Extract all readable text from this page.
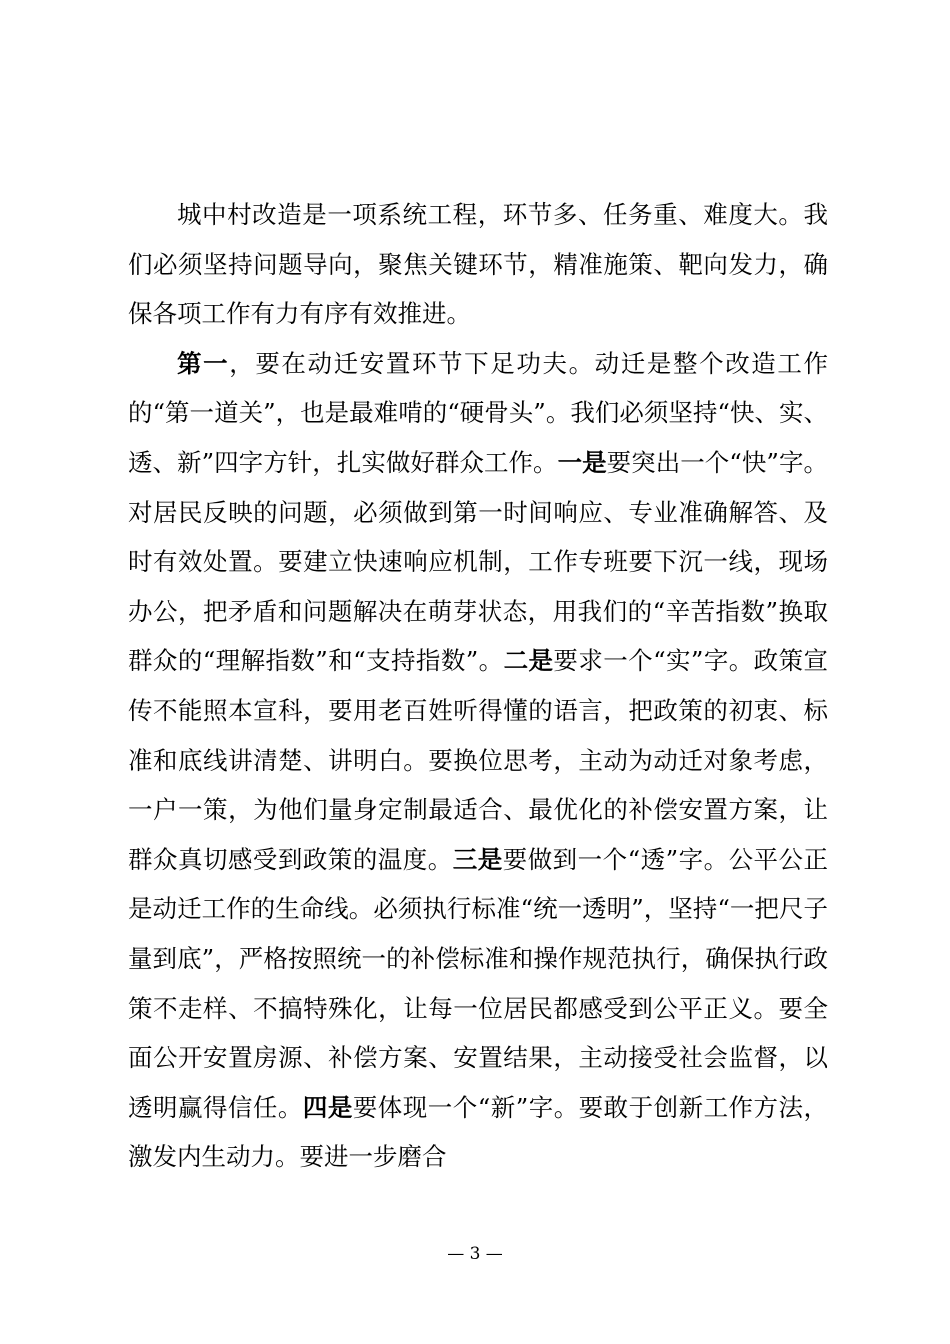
城中村改造是一项系统工程，环节多、任务重、难度大。我们必须坚持问题导向，聚焦关键环节，精准施策、靶向发力，确保各项工作有力有序有效推进。

第一，要在动迁安置环节下足功夫。动迁是整个改造工作的“第一道关”，也是最难啃的“硬骨头”。我们必须坚持“快、实、透、新”四字方针，扎实做好群众工作。一是要突出一个“快”字。对居民反映的问题，必须做到第一时间响应、专业准确解答、及时有效处置。要建立快速响应机制，工作专班要下沉一线，现场办公，把矛盾和问题解决在萌芽状态，用我们的“辛苦指数”换取群众的“理解指数”和“支持指数”。二是要求一个“实”字。政策宣传不能照本宣科，要用老百姓听得懂的语言，把政策的初衷、标准和底线讲清楚、讲明白。要换位思考，主动为动迁对象考虑，一户一策，为他们量身定制最适合、最优化的补偿安置方案，让群众真切感受到政策的温度。三是要做到一个“透”字。公平公正是动迁工作的生命线。必须执行标准“统一透明”，坚持“一把尺子量到底”，严格按照统一的补偿标准和操作规范执行，确保执行政策不走样、不搞特殊化，让每一位居民都感受到公平正义。要全面公开安置房源、补偿方案、安置结果，主动接受社会监督，以透明赢得信任。四是要体现一个“新”字。要敢于创新工作方法，激发内生动力。要进一步磨合

— 3 —
